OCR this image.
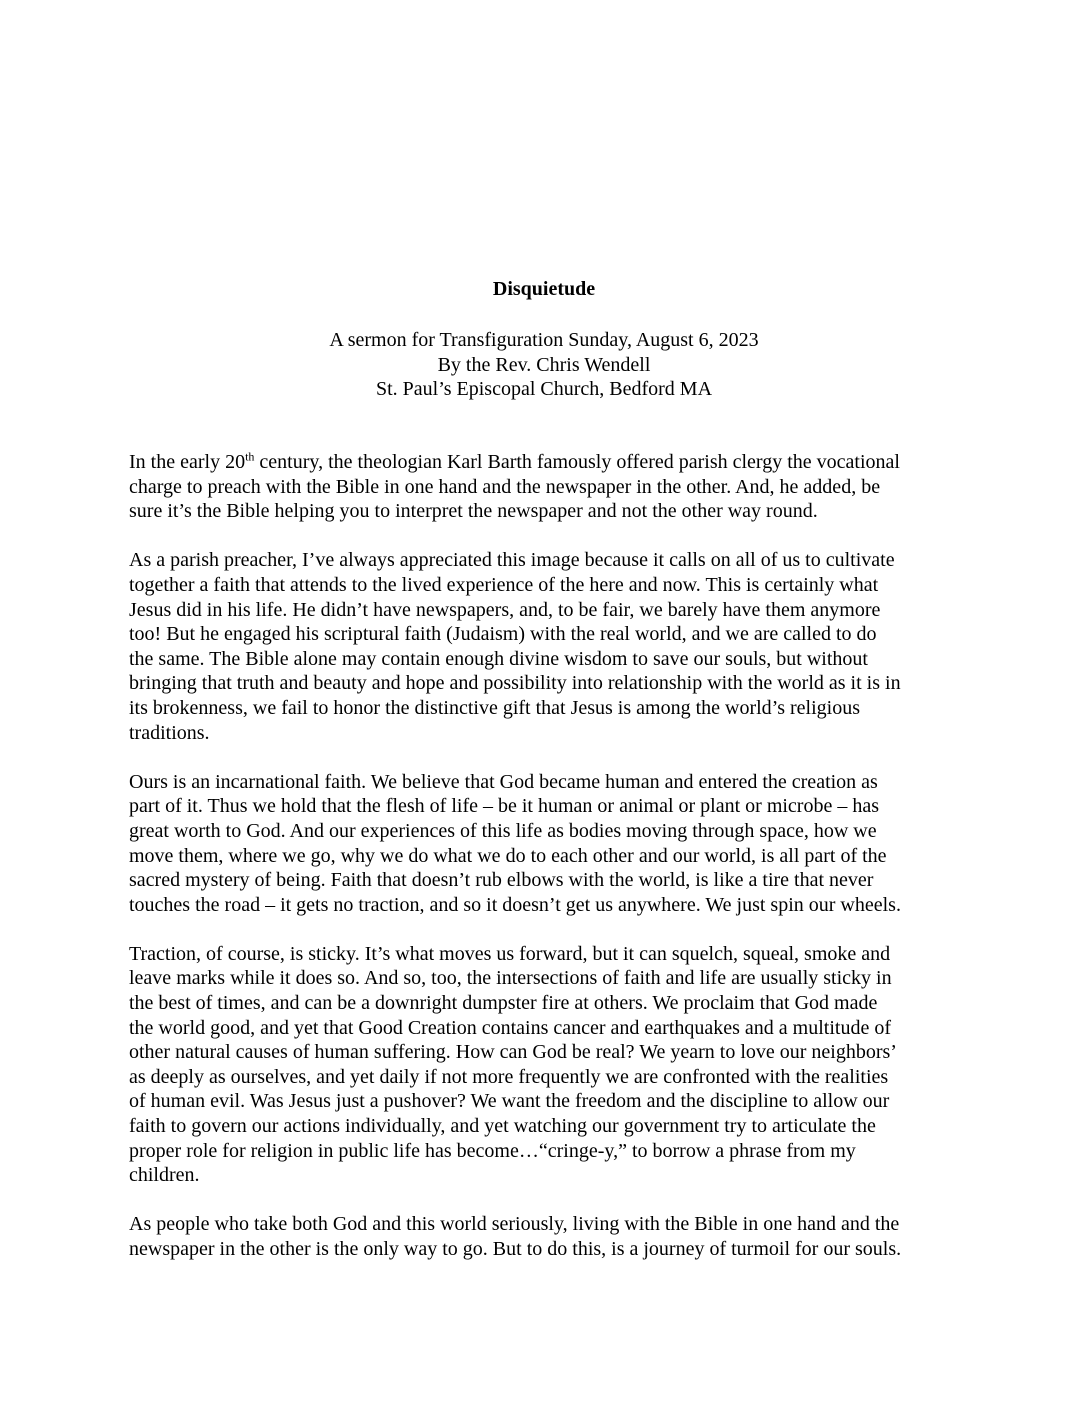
Disquietude
A sermon for Transfiguration Sunday, August 6, 2023
By the Rev. Chris Wendell
St. Paul’s Episcopal Church, Bedford MA

In the early 20th century, the theologian Karl Barth famously offered parish clergy the vocational
charge to preach with the Bible in one hand and the newspaper in the other. And, he added, be
sure it’s the Bible helping you to interpret the newspaper and not the other way round.

As a parish preacher, I’ve always appreciated this image because it calls on all of us to cultivate
together a faith that attends to the lived experience of the here and now. This is certainly what
Jesus did in his life. He didn’t have newspapers, and, to be fair, we barely have them anymore
too! But he engaged his scriptural faith (Judaism) with the real world, and we are called to do
the same. The Bible alone may contain enough divine wisdom to save our souls, but without
bringing that truth and beauty and hope and possibility into relationship with the world as it is in
its brokenness, we fail to honor the distinctive gift that Jesus is among the world’s religious
traditions.

Ours is an incarnational faith. We believe that God became human and entered the creation as
part of it. Thus we hold that the flesh of life – be it human or animal or plant or microbe – has
great worth to God. And our experiences of this life as bodies moving through space, how we
move them, where we go, why we do what we do to each other and our world, is all part of the
sacred mystery of being. Faith that doesn’t rub elbows with the world, is like a tire that never
touches the road – it gets no traction, and so it doesn’t get us anywhere. We just spin our wheels.

Traction, of course, is sticky. It’s what moves us forward, but it can squelch, squeal, smoke and
leave marks while it does so. And so, too, the intersections of faith and life are usually sticky in
the best of times, and can be a downright dumpster fire at others. We proclaim that God made
the world good, and yet that Good Creation contains cancer and earthquakes and a multitude of
other natural causes of human suffering. How can God be real? We yearn to love our neighbors’
as deeply as ourselves, and yet daily if not more frequently we are confronted with the realities
of human evil. Was Jesus just a pushover? We want the freedom and the discipline to allow our
faith to govern our actions individually, and yet watching our government try to articulate the
proper role for religion in public life has become…“cringe-y,” to borrow a phrase from my
children.

As people who take both God and this world seriously, living with the Bible in one hand and the
newspaper in the other is the only way to go. But to do this, is a journey of turmoil for our souls.
